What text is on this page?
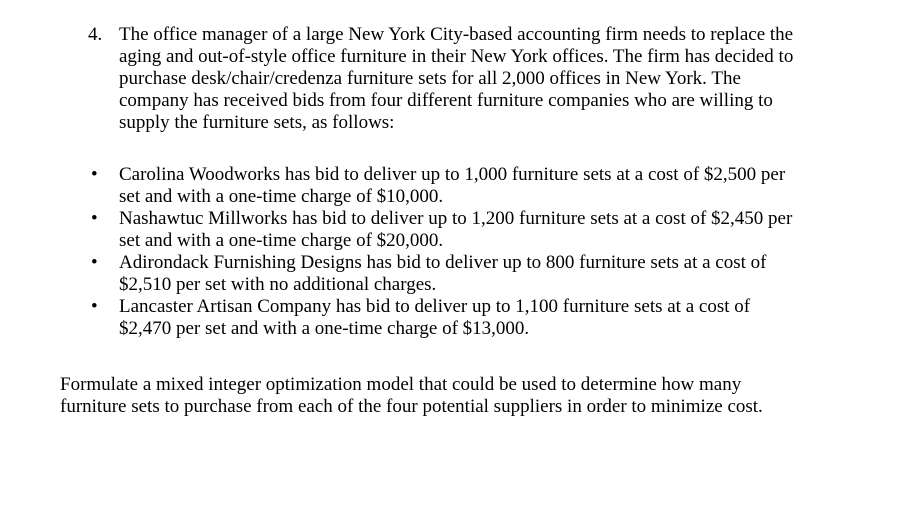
4. The office manager of a large New York City-based accounting firm needs to replace the
aging and out-of-style office furniture in their New York offices. The firm has decided to
purchase desk/chair/credenza furniture sets for all 2,000 offices in New York. The
company has received bids from four different furniture companies who are willing to
supply the furniture sets, as follows:
• Carolina Woodworks has bid to deliver up to 1,000 furniture sets at a cost of $2,500 per
set and with a one-time charge of $10,000.
• Nashawtuc Millworks has bid to deliver up to 1,200 furniture sets at a cost of $2,450 per
set and with a one-time charge of $20,000.
• Adirondack Furnishing Designs has bid to deliver up to 800 furniture sets at a cost of
$2,510 per set with no additional charges.
• Lancaster Artisan Company has bid to deliver up to 1,100 furniture sets at a cost of
$2,470 per set and with a one-time charge of $13,000.
Formulate a mixed integer optimization model that could be used to determine how many
furniture sets to purchase from each of the four potential suppliers in order to minimize cost.
